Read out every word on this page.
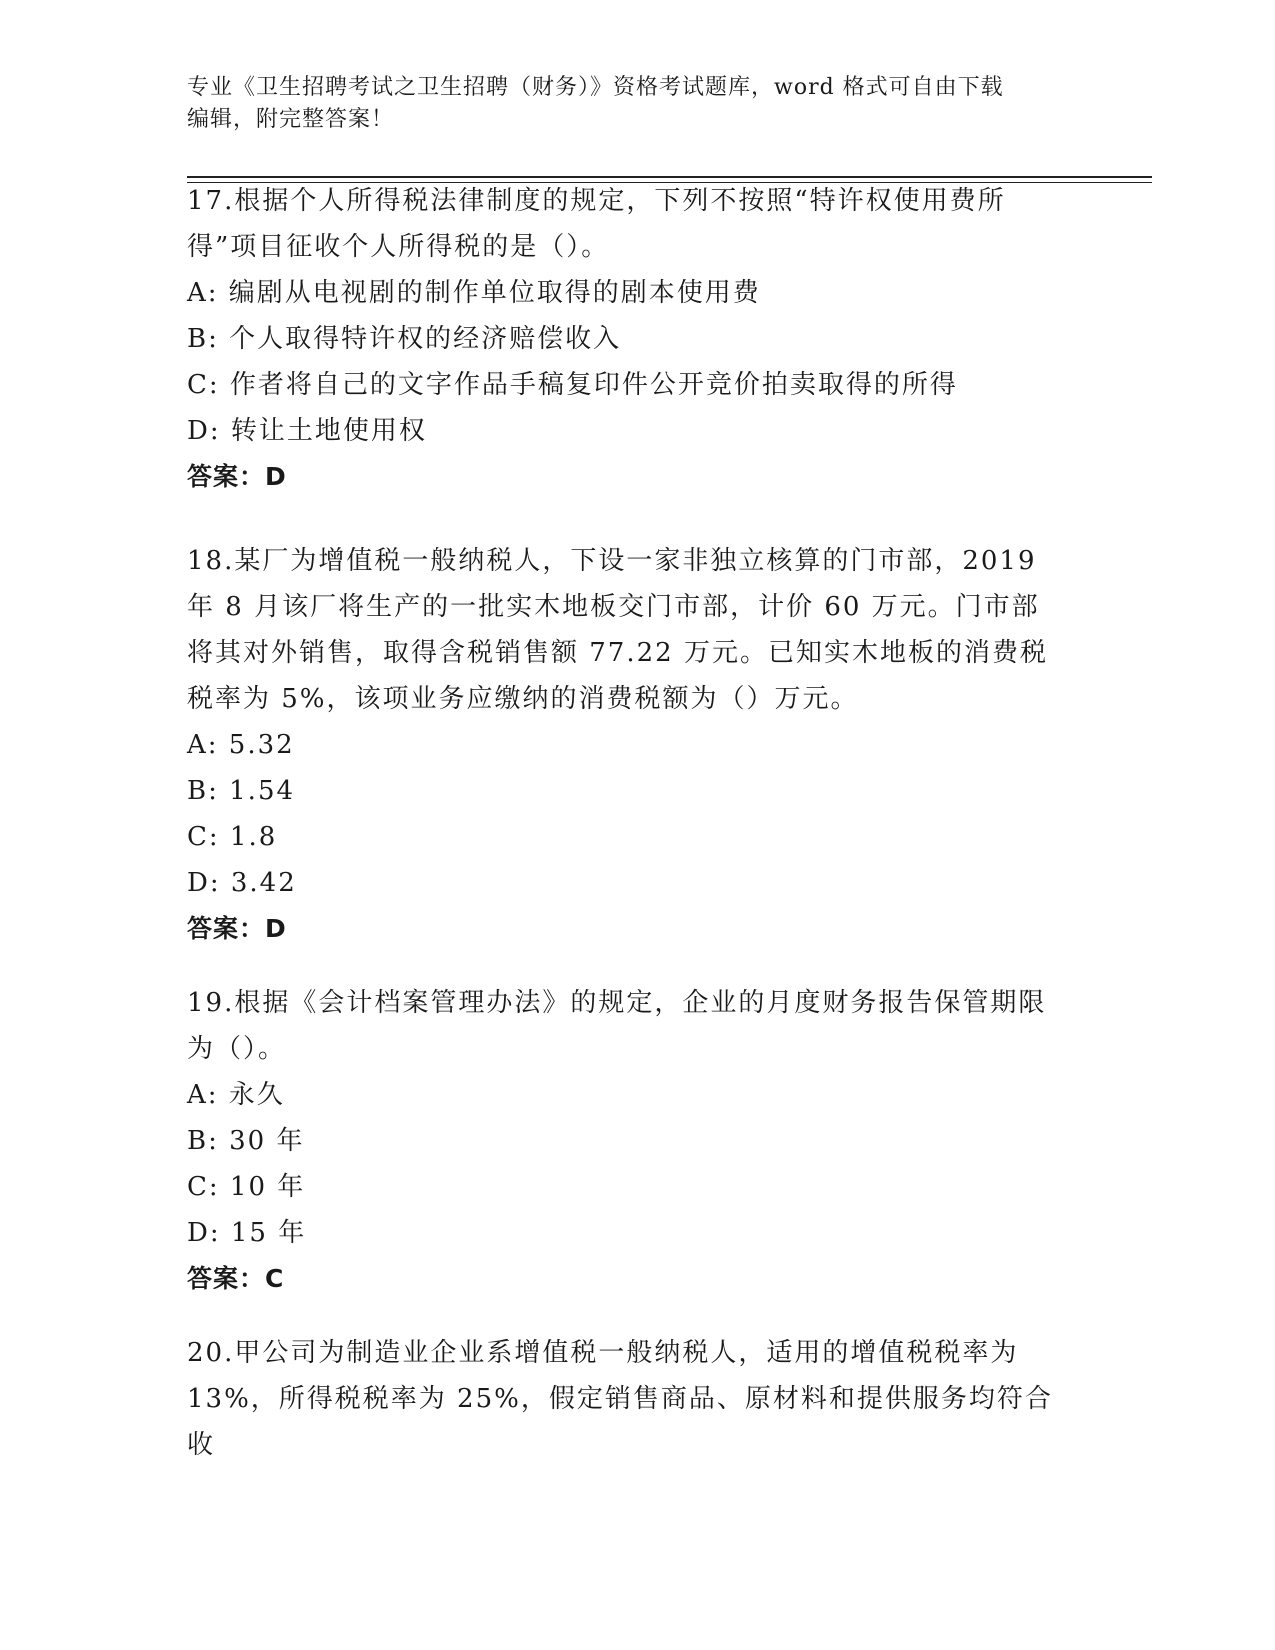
专业《卫生招聘考试之卫生招聘（财务）》资格考试题库，word 格式可自由下载
编辑，附完整答案！

17.根据个人所得税法律制度的规定，下列不按照“特许权使用费所得”项目征收个人所得税的是（）。

A: 编剧从电视剧的制作单位取得的剧本使用费

B: 个人取得特许权的经济赔偿收入

C: 作者将自己的文字作品手稿复印件公开竞价拍卖取得的所得

D: 转让土地使用权

答案：D

18.某厂为增值税一般纳税人，下设一家非独立核算的门市部，2019 年 8 月该厂将生产的一批实木地板交门市部，计价 60 万元。门市部将其对外销售，取得含税销售额 77.22 万元。已知实木地板的消费税税率为 5%，该项业务应缴纳的消费税额为（）万元。

A: 5.32

B: 1.54

C: 1.8

D: 3.42

答案：D

19.根据《会计档案管理办法》的规定，企业的月度财务报告保管期限为（）。

A: 永久

B: 30 年

C: 10 年

D: 15 年

答案：C

20.甲公司为制造业企业系增值税一般纳税人，适用的增值税税率为 13%，所得税税率为 25%，假定销售商品、原材料和提供服务均符合收
